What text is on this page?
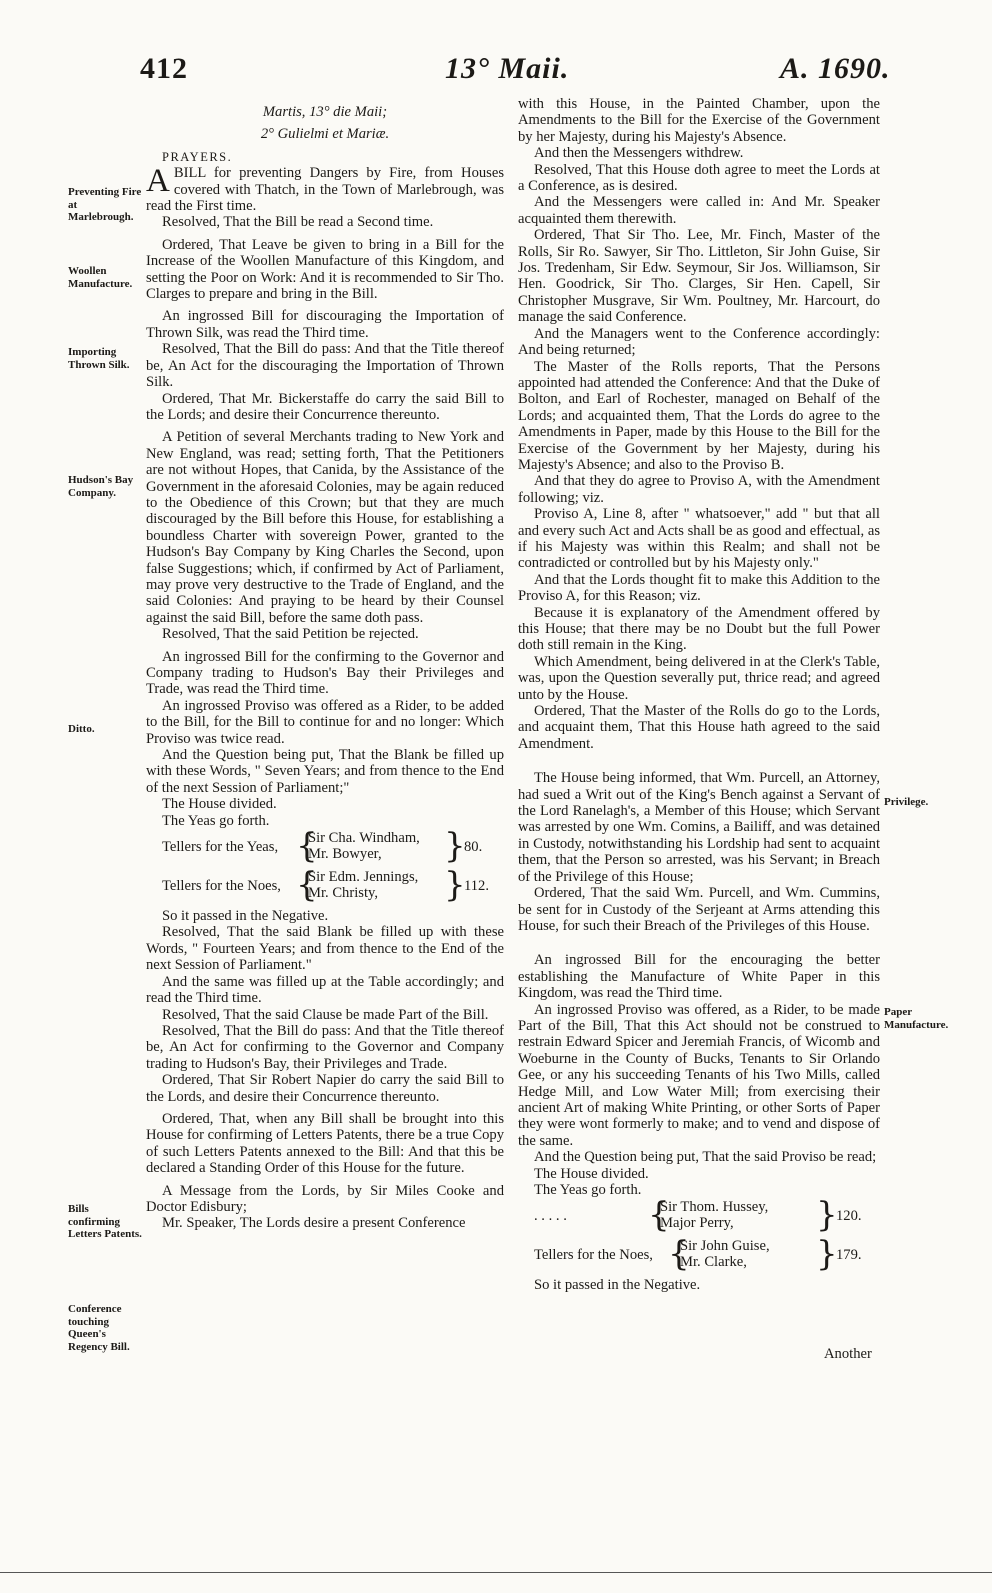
412	13° Maii.	A. 1690.
Preventing Fire at Marlebrough.
Woollen Manufacture.
Importing Thrown Silk.
Hudson's Bay Company.
Ditto.
Bills confirming Letters Patents.
Conference touching Queen's Regency Bill.
Privilege.
Paper Manufacture.

Martis, 13° die Maii;

2° Gulielmi et Mariæ.

PRAYERS.

ABILL for preventing Dangers by Fire, from Houses covered with Thatch, in the Town of Marlebrough, was read the First time.

Resolved, That the Bill be read a Second time.

Ordered, That Leave be given to bring in a Bill for the Increase of the Woollen Manufacture of this Kingdom, and setting the Poor on Work: And it is recommended to Sir Tho. Clarges to prepare and bring in the Bill.

An ingrossed Bill for discouraging the Importation of Thrown Silk, was read the Third time.

Resolved, That the Bill do pass: And that the Title thereof be, An Act for the discouraging the Importation of Thrown Silk.

Ordered, That Mr. Bickerstaffe do carry the said Bill to the Lords; and desire their Concurrence thereunto.

A Petition of several Merchants trading to New York and New England, was read; setting forth, That the Petitioners are not without Hopes, that Canida, by the Assistance of the Government in the aforesaid Colonies, may be again reduced to the Obedience of this Crown; but that they are much discouraged by the Bill before this House, for establishing a boundless Charter with sovereign Power, granted to the Hudson's Bay Company by King Charles the Second, upon false Suggestions; which, if confirmed by Act of Parliament, may prove very destructive to the Trade of England, and the said Colonies: And praying to be heard by their Counsel against the said Bill, before the same doth pass.

Resolved, That the said Petition be rejected.

An ingrossed Bill for the confirming to the Governor and Company trading to Hudson's Bay their Privileges and Trade, was read the Third time.

An ingrossed Proviso was offered as a Rider, to be added to the Bill, for the Bill to continue for and no longer: Which Proviso was twice read.

And the Question being put, That the Blank be filled up with these Words, " Seven Years; and from thence to the End of the next Session of Parliament;"

The House divided.

The Yeas go forth.

Tellers for the Yeas, {
Sir Cha. Windham,
Mr. Bowyer, }
80.
Tellers for the Noes, {
Sir Edm. Jennings,
Mr. Christy, }
112.

So it passed in the Negative.

Resolved, That the said Blank be filled up with these Words, " Fourteen Years; and from thence to the End of the next Session of Parliament."

And the same was filled up at the Table accordingly; and read the Third time.

Resolved, That the said Clause be made Part of the Bill.

Resolved, That the Bill do pass: And that the Title thereof be, An Act for confirming to the Governor and Company trading to Hudson's Bay, their Privileges and Trade.

Ordered, That Sir Robert Napier do carry the said Bill to the Lords, and desire their Concurrence thereunto.

Ordered, That, when any Bill shall be brought into this House for confirming of Letters Patents, there be a true Copy of such Letters Patents annexed to the Bill: And that this be declared a Standing Order of this House for the future.

A Message from the Lords, by Sir Miles Cooke and Doctor Edisbury;

Mr. Speaker, The Lords desire a present Conference

with this House, in the Painted Chamber, upon the Amendments to the Bill for the Exercise of the Government by her Majesty, during his Majesty's Absence.

And then the Messengers withdrew.

Resolved, That this House doth agree to meet the Lords at a Conference, as is desired.

And the Messengers were called in: And Mr. Speaker acquainted them therewith.

Ordered, That Sir Tho. Lee, Mr. Finch, Master of the Rolls, Sir Ro. Sawyer, Sir Tho. Littleton, Sir John Guise, Sir Jos. Tredenham, Sir Edw. Seymour, Sir Jos. Williamson, Sir Hen. Goodrick, Sir Tho. Clarges, Sir Hen. Capell, Sir Christopher Musgrave, Sir Wm. Poultney, Mr. Harcourt, do manage the said Conference.

And the Managers went to the Conference accordingly: And being returned;

The Master of the Rolls reports, That the Persons appointed had attended the Conference: And that the Duke of Bolton, and Earl of Rochester, managed on Behalf of the Lords; and acquainted them, That the Lords do agree to the Amendments in Paper, made by this House to the Bill for the Exercise of the Government by her Majesty, during his Majesty's Absence; and also to the Proviso B.

And that they do agree to Proviso A, with the Amendment following; viz.

Proviso A, Line 8, after " whatsoever," add " but that all and every such Act and Acts shall be as good and effectual, as if his Majesty was within this Realm; and shall not be contradicted or controlled but by his Majesty only."

And that the Lords thought fit to make this Addition to the Proviso A, for this Reason; viz.

Because it is explanatory of the Amendment offered by this House; that there may be no Doubt but the full Power doth still remain in the King.

Which Amendment, being delivered in at the Clerk's Table, was, upon the Question severally put, thrice read; and agreed unto by the House.

Ordered, That the Master of the Rolls do go to the Lords, and acquaint them, That this House hath agreed to the said Amendment.

The House being informed, that Wm. Purcell, an Attorney, had sued a Writ out of the King's Bench against a Servant of the Lord Ranelagh's, a Member of this House; which Servant was arrested by one Wm. Comins, a Bailiff, and was detained in Custody, notwithstanding his Lordship had sent to acquaint them, that the Person so arrested, was his Servant; in Breach of the Privilege of this House;

Ordered, That the said Wm. Purcell, and Wm. Cummins, be sent for in Custody of the Serjeant at Arms attending this House, for such their Breach of the Privileges of this House.

An ingrossed Bill for the encouraging the better establishing the Manufacture of White Paper in this Kingdom, was read the Third time.

An ingrossed Proviso was offered, as a Rider, to be made Part of the Bill, That this Act should not be construed to restrain Edward Spicer and Jeremiah Francis, of Wicomb and Woeburne in the County of Bucks, Tenants to Sir Orlando Gee, or any his succeeding Tenants of his Two Mills, called Hedge Mill, and Low Water Mill; from exercising their ancient Art of making White Printing, or other Sorts of Paper they were wont formerly to make; and to vend and dispose of the same.

And the Question being put, That the said Proviso be read;

The House divided.

The Yeas go forth.

. . . . . {
Sir Thom. Hussey,
Major Perry, }
120.
Tellers for the Noes, {
Sir John Guise,
Mr. Clarke, }
179.

So it passed in the Negative.

Another
